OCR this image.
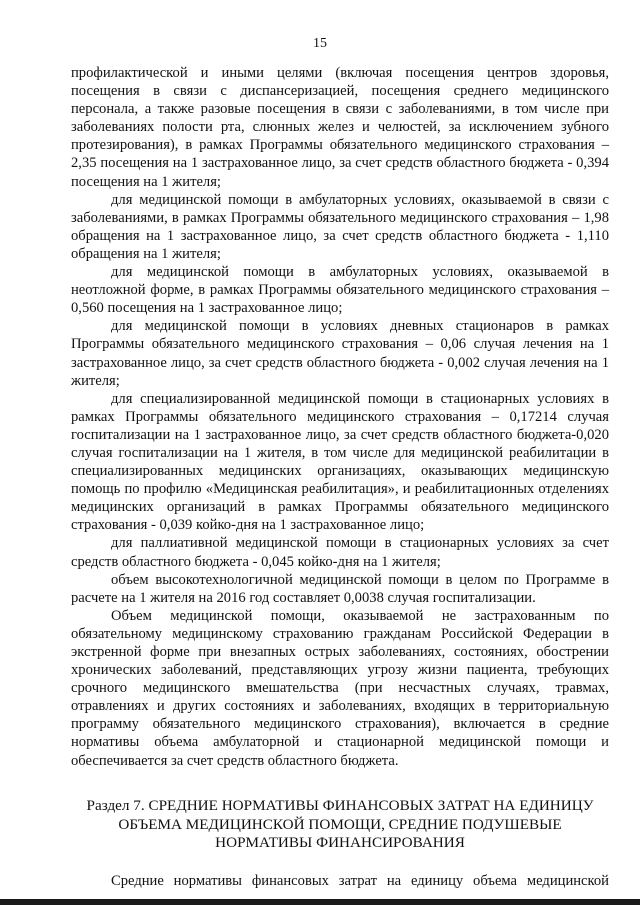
15

профилактической и иными целями (включая посещения центров здоровья, посещения в связи с диспансеризацией, посещения среднего медицинского персонала, а также разовые посещения в связи с заболеваниями, в том числе при заболеваниях полости рта, слюнных желез и челюстей, за исключением зубного протезирования), в рамках Программы обязательного медицинского страхования – 2,35 посещения на 1 застрахованное лицо, за счет средств областного бюджета - 0,394 посещения на 1 жителя;

для медицинской помощи в амбулаторных условиях, оказываемой в связи с заболеваниями, в рамках Программы обязательного медицинского страхования – 1,98 обращения на 1 застрахованное лицо, за счет средств областного бюджета - 1,110 обращения на 1 жителя;

для медицинской помощи в амбулаторных условиях, оказываемой в неотложной форме, в рамках Программы обязательного медицинского страхования – 0,560 посещения на 1 застрахованное лицо;

для медицинской помощи в условиях дневных стационаров в рамках Программы обязательного медицинского страхования – 0,06 случая лечения на 1 застрахованное лицо, за счет средств областного бюджета - 0,002 случая лечения на 1 жителя;

для специализированной медицинской помощи в стационарных условиях в рамках Программы обязательного медицинского страхования – 0,17214 случая госпитализации на 1 застрахованное лицо, за счет средств областного бюджета-0,020 случая госпитализации на 1 жителя, в том числе для медицинской реабилитации в специализированных медицинских организациях, оказывающих медицинскую помощь по профилю «Медицинская реабилитация», и реабилитационных отделениях медицинских организаций в рамках Программы обязательного медицинского страхования - 0,039 койко-дня на 1 застрахованное лицо;

для паллиативной медицинской помощи в стационарных условиях за счет средств областного бюджета - 0,045 койко-дня на 1 жителя;

объем высокотехнологичной медицинской помощи в целом по Программе в расчете на 1 жителя на 2016 год составляет 0,0038 случая госпитализации.

Объем медицинской помощи, оказываемой не застрахованным по обязательному медицинскому страхованию гражданам Российской Федерации в экстренной форме при внезапных острых заболеваниях, состояниях, обострении хронических заболеваний, представляющих угрозу жизни пациента, требующих срочного медицинского вмешательства (при несчастных случаях, травмах, отравлениях и других состояниях и заболеваниях, входящих в территориальную программу обязательного медицинского страхования), включается в средние нормативы объема амбулаторной и стационарной медицинской помощи и обеспечивается за счет средств областного бюджета.

Раздел 7. СРЕДНИЕ НОРМАТИВЫ ФИНАНСОВЫХ ЗАТРАТ НА ЕДИНИЦУ ОБЪЕМА МЕДИЦИНСКОЙ ПОМОЩИ, СРЕДНИЕ ПОДУШЕВЫЕ НОРМАТИВЫ ФИНАНСИРОВАНИЯ
Средние нормативы финансовых затрат на единицу объема медицинской
